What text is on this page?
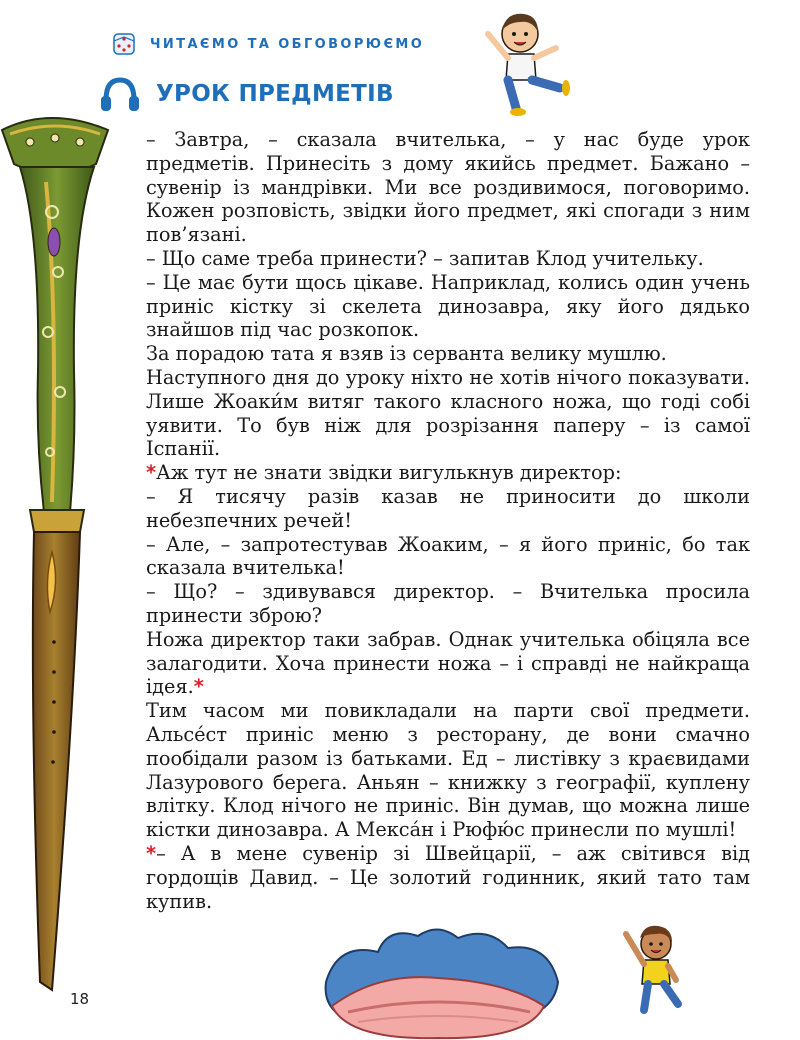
ЧИТАЄМО ТА ОБГОВОРЮЄМО
УРОК ПРЕДМЕТІВ

– Завтра, – сказала вчителька, – у нас буде урок предметів. Принесіть з дому якийсь предмет. Бажано – сувенір із мандрівки. Ми все роздивимося, поговоримо. Кожен розповість, звідки його предмет, які спогади з ним пов’язані.

– Що саме треба принести? – запитав Клод учительку.

– Це має бути щось цікаве. Наприклад, колись один учень приніс кістку зі скелета динозавра, яку його дядько знайшов під час розкопок.

За порадою тата я взяв із серванта велику мушлю.

Наступного дня до уроку ніхто не хотів нічого показувати. Лише Жоаки́м витяг такого класного ножа, що годі собі уявити. То був ніж для розрізання паперу – із самої Іспанії.

*Аж тут не знати звідки вигулькнув директор:

– Я тисячу разів казав не приносити до школи небезпечних речей!

– Але, – запротестував Жоаким, – я його приніс, бо так сказала вчителька!

– Що? – здивувався директор. – Вчителька просила принести зброю?

Ножа директор таки забрав. Однак учителька обіцяла все залагодити. Хоча принести ножа – і справді не найкраща ідея.*

Тим часом ми повикладали на парти свої предмети. Альсе́ст приніс меню з ресторану, де вони смачно пообідали разом із батьками. Ед – листівку з краєвидами Лазурового берега. Аньян – книжку з географії, куплену влітку. Клод нічого не приніс. Він думав, що можна лише кістки динозавра. А Мекса́н і Рюфю́с принесли по мушлі!

*– А в мене сувенір зі Швейцарії, – аж світився від гордощів Давид. – Це золотий годинник, який тато там купив.

18
